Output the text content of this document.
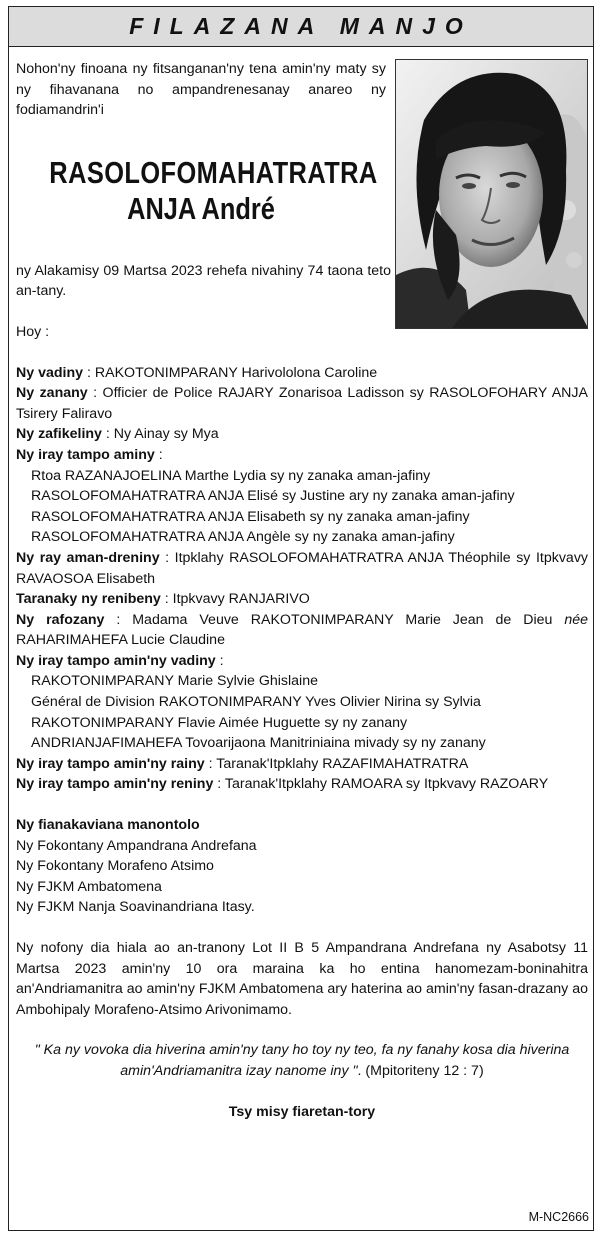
FILAZANA MANJO
Nohon'ny finoana ny fitsanganan'ny tena amin'ny maty sy ny fihavanana no ampandrenesanay anareo ny fodiamandrin'i
RASOLOFOMAHATRATRA
ANJA André
ny Alakamisy 09 Martsa 2023 rehefa nivahiny 74 taona teto an-tany.
Hoy :
Ny vadiny : RAKOTONIMPARANY Harivololona Caroline
Ny zanany : Officier de Police RAJARY Zonarisoa Ladisson sy RASOLOFOHARY ANJA Tsirery Faliravo
Ny zafikeliny : Ny Ainay sy Mya
Ny iray tampo aminy :
Rtoa RAZANAJOELINA Marthe Lydia sy ny zanaka aman-jafiny
RASOLOFOMAHATRATRA ANJA Elisé sy Justine ary ny zanaka aman-jafiny
RASOLOFOMAHATRATRA ANJA Elisabeth sy ny zanaka aman-jafiny
RASOLOFOMAHATRATRA ANJA Angèle sy ny zanaka aman-jafiny
Ny ray aman-dreniny : Itpklahy RASOLOFOMAHATRATRA ANJA Théophile sy Itpkvavy RAVAOSOA Elisabeth
Taranaky ny renibeny : Itpkvavy RANJARIVO
Ny rafozany : Madama Veuve RAKOTONIMPARANY Marie Jean de Dieu née RAHARIMAHEFA Lucie Claudine
Ny iray tampo amin'ny vadiny :
RAKOTONIMPARANY Marie Sylvie Ghislaine
Général de Division RAKOTONIMPARANY Yves Olivier Nirina sy Sylvia
RAKOTONIMPARANY Flavie Aimée Huguette sy ny zanany
ANDRIANJAFIMAHEFA Tovoarijaona Manitriniaina mivady sy ny zanany
Ny iray tampo amin'ny rainy : Taranak'Itpklahy RAZAFIMAHATRATRA
Ny iray tampo amin'ny reniny : Taranak'Itpklahy RAMOARA sy Itpkvavy RAZOARY
Ny fianakaviana manontolo
Ny Fokontany Ampandrana Andrefana
Ny Fokontany Morafeno Atsimo
Ny FJKM Ambatomena
Ny FJKM Nanja Soavinandriana Itasy.
Ny nofony dia hiala ao an-tranony Lot II B 5 Ampandrana Andrefana ny Asabotsy 11 Martsa 2023 amin'ny 10 ora maraina ka ho entina hanomezam-boninahitra an'Andriamanitra ao amin'ny FJKM Ambatomena ary haterina ao amin'ny fasan-drazany ao Ambohipaly Morafeno-Atsimo Arivonimamo.
" Ka ny vovoka dia hiverina amin'ny tany ho toy ny teo, fa ny fanahy kosa dia hiverina amin'Andriamanitra izay nanome iny ". (Mpitoriteny 12 : 7)
Tsy misy fiaretan-tory
M-NC2666
